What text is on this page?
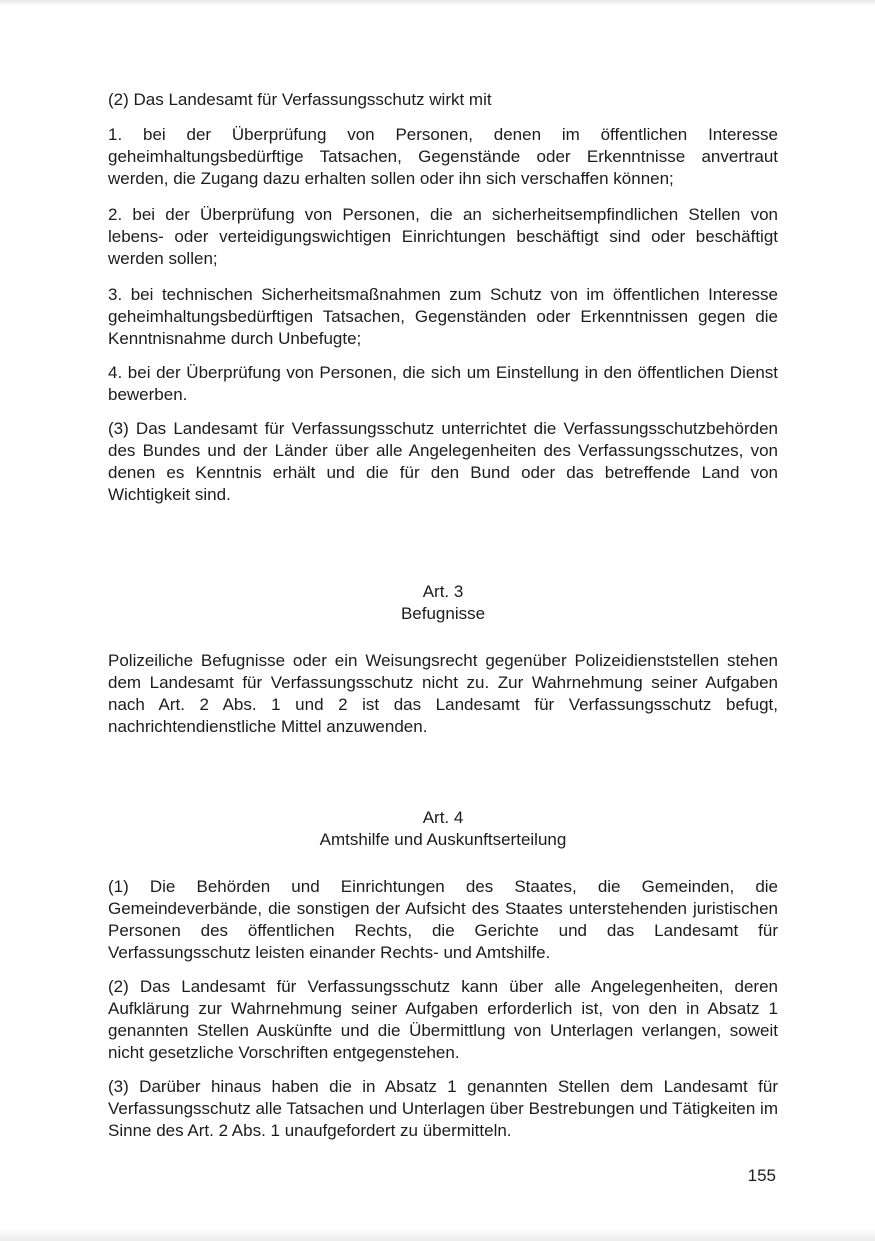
(2) Das Landesamt für Verfassungsschutz wirkt mit

1. bei der Überprüfung von Personen, denen im öffentlichen Interesse geheimhaltungsbedürftige Tatsachen, Gegenstände oder Erkenntnisse anvertraut werden, die Zugang dazu erhalten sollen oder ihn sich verschaffen können;

2. bei der Überprüfung von Personen, die an sicherheitsempfindlichen Stellen von lebens- oder verteidigungswichtigen Einrichtungen beschäftigt sind oder beschäftigt werden sollen;

3. bei technischen Sicherheitsmaßnahmen zum Schutz von im öffentlichen Interesse geheimhaltungsbedürftigen Tatsachen, Gegenständen oder Erkenntnissen gegen die Kenntnisnahme durch Unbefugte;

4. bei der Überprüfung von Personen, die sich um Einstellung in den öffentlichen Dienst bewerben.

(3) Das Landesamt für Verfassungsschutz unterrichtet die Verfassungsschutzbehörden des Bundes und der Länder über alle Angelegenheiten des Verfassungsschutzes, von denen es Kenntnis erhält und die für den Bund oder das betreffende Land von Wichtigkeit sind.

Art. 3
Befugnisse

Polizeiliche Befugnisse oder ein Weisungsrecht gegenüber Polizeidienststellen stehen dem Landesamt für Verfassungsschutz nicht zu. Zur Wahrnehmung seiner Aufgaben nach Art. 2 Abs. 1 und 2 ist das Landesamt für Verfassungsschutz befugt, nachrichtendienstliche Mittel anzuwenden.

Art. 4
Amtshilfe und Auskunftserteilung

(1) Die Behörden und Einrichtungen des Staates, die Gemeinden, die Gemeindeverbände, die sonstigen der Aufsicht des Staates unterstehenden juristischen Personen des öffentlichen Rechts, die Gerichte und das Landesamt für Verfassungsschutz leisten einander Rechts- und Amtshilfe.

(2) Das Landesamt für Verfassungsschutz kann über alle Angelegenheiten, deren Aufklärung zur Wahrnehmung seiner Aufgaben erforderlich ist, von den in Absatz 1 genannten Stellen Auskünfte und die Übermittlung von Unterlagen verlangen, soweit nicht gesetzliche Vorschriften entgegenstehen.

(3) Darüber hinaus haben die in Absatz 1 genannten Stellen dem Landesamt für Verfassungsschutz alle Tatsachen und Unterlagen über Bestrebungen und Tätigkeiten im Sinne des Art. 2 Abs. 1 unaufgefordert zu übermitteln.

155
